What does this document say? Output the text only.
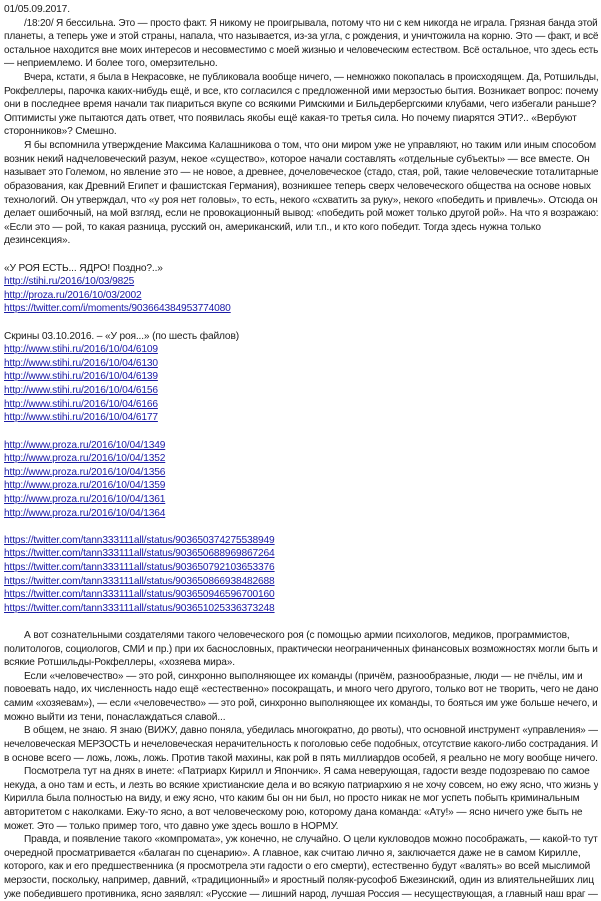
01/05.09.2017.
/18:20/ Я бессильна. Это — просто факт. Я никому не проигрывала, потому что ни с кем никогда не играла. Грязная банда этой
планеты, а теперь уже и этой страны, напала, что называется, из-за угла, с рождения, и уничтожила на корню. Это — факт, и всё
остальное находится вне моих интересов и несовместимо с моей жизнью и человеческим естеством. Всё остальное, что здесь есть
— неприемлемо. И более того, омерзительно.
Вчера, кстати, я была в Некрасовке, не публиковала вообще ничего, — немножко покопалась в происходящем. Да, Ротшильды,
Рокфеллеры, парочка каких-нибудь ещё, и все, кто согласился с предложенной ими мерзостью бытия. Возникает вопрос: почему
они в последнее время начали так пиариться вкупе со всякими Римскими и Бильдербергскими клубами, чего избегали раньше?
Оптимисты уже пытаются дать ответ, что появилась якобы ещё какая-то третья сила. Но почему пиарятся ЭТИ?.. «Вербуют
сторонников»? Смешно.
Я бы вспомнила утверждение Максима Калашникова о том, что они миром уже не управляют, но таким или иным способом
возник некий надчеловеческий разум, некое «существо», которое начали составлять «отдельные субъекты» — все вместе. Он
называет это Големом, но явление это — не новое, а древнее, дочеловеческое (стадо, стая, рой, такие человеческие тоталитарные
образования, как Древний Египет и фашистская Германия), возникшее теперь сверх человеческого общества на основе новых
технологий. Он утверждал, что «у роя нет головы», то есть, некого «схватить за руку», некого «победить и привлечь». Отсюда он
делает ошибочный, на мой взгляд, если не провокационный вывод: «победить рой может только другой рой». На что я возражаю:
«Если это — рой, то какая разница, русский он, американский, или т.п., и кто кого победит. Тогда здесь нужна только
дезинсекция».
«У РОЯ ЕСТЬ... ЯДРО! Поздно?..»
http://stihi.ru/2016/10/03/9825
http://proza.ru/2016/10/03/2002
https://twitter.com/i/moments/903664384953774080
Скрины 03.10.2016. – «У роя...» (по шесть файлов)
http://www.stihi.ru/2016/10/04/6109
http://www.stihi.ru/2016/10/04/6130
http://www.stihi.ru/2016/10/04/6139
http://www.stihi.ru/2016/10/04/6156
http://www.stihi.ru/2016/10/04/6166
http://www.stihi.ru/2016/10/04/6177
http://www.proza.ru/2016/10/04/1349
http://www.proza.ru/2016/10/04/1352
http://www.proza.ru/2016/10/04/1356
http://www.proza.ru/2016/10/04/1359
http://www.proza.ru/2016/10/04/1361
http://www.proza.ru/2016/10/04/1364
https://twitter.com/tann333111all/status/903650374275538949
https://twitter.com/tann333111all/status/903650688969867264
https://twitter.com/tann333111all/status/903650792103653376
https://twitter.com/tann333111all/status/903650866938482688
https://twitter.com/tann333111all/status/903650946596700160
https://twitter.com/tann333111all/status/903651025336373248
А вот сознательными создателями такого человеческого роя (с помощью армии психологов, медиков, программистов,
политологов, социологов, СМИ и пр.) при их баснословных, практически неограниченных финансовых возможностях могли быть и
всякие Ротшильды-Рокфеллеры, «хозяева мира».
Если «человечество» — это рой, синхронно выполняющее их команды (причём, разнообразные, люди — не пчёлы, им и
повоевать надо, их численность надо ещё «естественно» посокращать, и много чего другого, только вот не творить, чего не дано
самим «хозяевам»), — если «человечество» — это рой, синхронно выполняющее их команды, то бояться им уже больше нечего, и
можно выйти из тени, понаслаждаться славой...
В общем, не знаю. Я знаю (ВИЖУ, давно поняла, убедилась многократно, до рвоты), что основной инструмент «управления» —
нечеловеческая МЕРЗОСТЬ и нечеловеческая нерачительность к поголовью себе подобных, отсутствие какого-либо сострадания. И
в основе всего — ложь, ложь, ложь. Против такой махины, как рой в пять миллиардов особей, я реально не могу вообще ничего.
Посмотрела тут на днях в инете: «Патриарх Кирилл и Япончик». Я сама неверующая, гадости везде подозреваю по самое
некуда, а оно там и есть, и лезть во всякие христианские дела и во всякую патриархию я не хочу совсем, но ежу ясно, что жизнь у
Кирилла была полностью на виду, и ежу ясно, что каким бы он ни был, но просто никак не мог успеть побыть криминальным
авторитетом с наколками. Ежу-то ясно, а вот человеческому рою, которому дана команда: «Ату!» — ясно ничего уже быть не
может. Это — только пример того, что давно уже здесь вошло в НОРМУ.
Правда, и появление такого «компромата», уж конечно, не случайно. О цели кукловодов можно посображать, — какой-то тут
очередной просматривается «балаган по сценарию». А главное, как считаю лично я, заключается даже не в самом Кирилле,
которого, как и его предшественника (я просмотрела эти гадости о его смерти), естественно будут «валять» во всей мыслимой
мерзости, поскольку, например, давний, «традиционный» и яростный поляк-русофоб Бжезинский, один из влиятельнейших лиц
уже победившего противника, ясно заявлял: «Русские — лишний народ, лучшая Россия — несуществующая, а главный наш враг —
